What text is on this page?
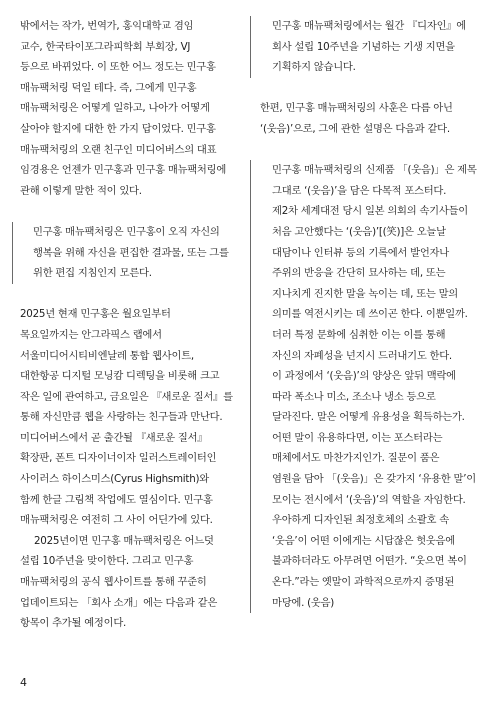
밖에서는 작가, 번역가, 홍익대학교 겸임

교수, 한국타이포그라피학회 부회장, VJ

등으로 바뀌었다. 이 또한 어느 정도는 민구홍

매뉴팩처링 덕일 테다. 즉, 그에게 민구홍

매뉴팩처링은 어떻게 일하고, 나아가 어떻게

살아야 할지에 대한 한 가지 답이었다. 민구홍

매뉴팩처링의 오랜 친구인 미디어버스의 대표

임경용은 언젠가 민구홍과 민구홍 매뉴팩처링에

관해 이렇게 말한 적이 있다.

민구홍 매뉴팩처링은 민구홍이 오직 자신의

행복을 위해 자신을 편집한 결과물, 또는 그를

위한 편집 지침인지 모른다.

2025년 현재 민구홍은 월요일부터

목요일까지는 안그라픽스 랩에서

서울미디어시티비엔날레 통합 웹사이트,

대한항공 디지털 모닝캄 디렉팅을 비롯해 크고

작은 일에 관여하고, 금요일은 『새로운 질서』를

통해 자신만큼 웹을 사랑하는 친구들과 만난다.

미디어버스에서 곧 출간될 『새로운 질서』

확장판, 폰트 디자이너이자 일러스트레이터인

사이러스 하이스미스(Cyrus Highsmith)와

함께 한글 그림책 작업에도 열심이다. 민구홍

매뉴팩처링은 여전히 그 사이 어딘가에 있다.

2025년이면 민구홍 매뉴팩처링은 어느덧

설립 10주년을 맞이한다. 그리고 민구홍

매뉴팩처링의 공식 웹사이트를 통해 꾸준히

업데이트되는 「회사 소개」에는 다음과 같은

항목이 추가될 예정이다.

민구홍 매뉴팩처링에서는 월간 『디자인』에

회사 설립 10주년을 기념하는 기생 지면을

기획하지 않습니다.

한편, 민구홍 매뉴팩처링의 사훈은 다름 아닌

‘(웃음)’으로, 그에 관한 설명은 다음과 같다.

민구홍 매뉴팩처링의 신제품 「(웃음)」은 제목

그대로 ‘(웃음)’을 담은 다목적 포스터다.

제2차 세계대전 당시 일본 의회의 속기사들이

처음 고안했다는 ‘(웃음)’[(笑)]은 오늘날

대담이나 인터뷰 등의 기록에서 발언자나

주위의 반응을 간단히 묘사하는 데, 또는

지나치게 진지한 말을 녹이는 데, 또는 말의

의미를 역전시키는 데 쓰이곤 한다. 이뿐일까.

더러 특정 문화에 심취한 이는 이를 통해

자신의 자폐성을 넌지시 드러내기도 한다.

이 과정에서 ‘(웃음)’의 양상은 앞뒤 맥락에

따라 폭소나 미소, 조소나 냉소 등으로

달라진다. 말은 어떻게 유용성을 획득하는가.

어떤 말이 유용하다면, 이는 포스터라는

매체에서도 마찬가지인가. 질문이 품은

염원을 담아 「(웃음)」은 갖가지 ‘유용한 말’이

모이는 전시에서 ‘(웃음)’의 역할을 자임한다.

우아하게 디자인된 최정호체의 소괄호 속

‘웃음’이 어떤 이에게는 시답잖은 헛웃음에

불과하더라도 아무려면 어떤가. “웃으면 복이

온다.”라는 옛말이 과학적으로까지 증명된

마당에. (웃음)

4
